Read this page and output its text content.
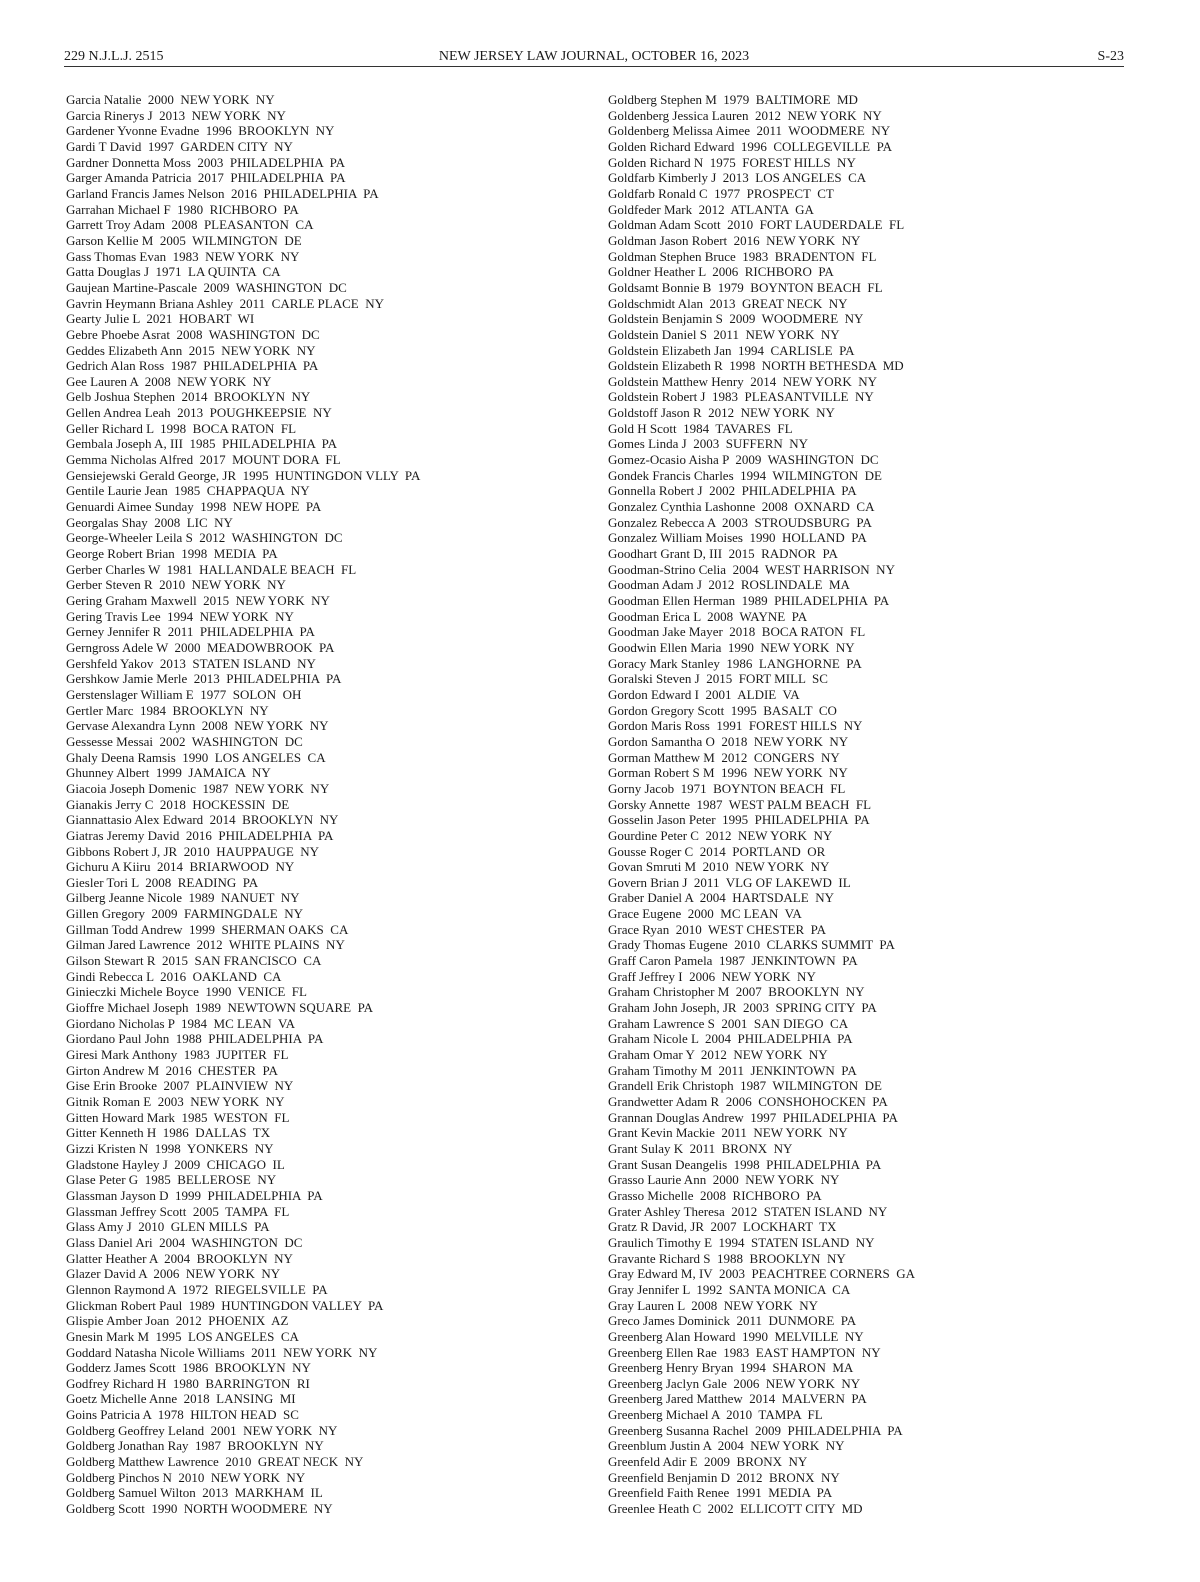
229 N.J.L.J. 2515	NEW JERSEY LAW JOURNAL, OCTOBER 16, 2023	S-23
Garcia Natalie  2000  NEW YORK  NY
Garcia Rinerys J  2013  NEW YORK  NY
Gardener Yvonne Evadne  1996  BROOKLYN  NY
Gardi T David  1997  GARDEN CITY  NY
Gardner Donnetta Moss  2003  PHILADELPHIA  PA
Garger Amanda Patricia  2017  PHILADELPHIA  PA
Garland Francis James Nelson  2016  PHILADELPHIA  PA
Garrahan Michael F  1980  RICHBORO  PA
Garrett Troy Adam  2008  PLEASANTON  CA
Garson Kellie M  2005  WILMINGTON  DE
Gass Thomas Evan  1983  NEW YORK  NY
Gatta Douglas J  1971  LA QUINTA  CA
Gaujean Martine-Pascale  2009  WASHINGTON  DC
Gavrin Heymann Briana Ashley  2011  CARLE PLACE  NY
Gearty Julie L  2021  HOBART  WI
Gebre Phoebe Asrat  2008  WASHINGTON  DC
Geddes Elizabeth Ann  2015  NEW YORK  NY
Gedrich Alan Ross  1987  PHILADELPHIA  PA
Gee Lauren A  2008  NEW YORK  NY
Gelb Joshua Stephen  2014  BROOKLYN  NY
Gellen Andrea Leah  2013  POUGHKEEPSIE  NY
Geller Richard L  1998  BOCA RATON  FL
Gembala Joseph A, III  1985  PHILADELPHIA  PA
Gemma Nicholas Alfred  2017  MOUNT DORA  FL
Gensiejewski Gerald George, JR  1995  HUNTINGDON VLLY  PA
Gentile Laurie Jean  1985  CHAPPAQUA  NY
Genuardi Aimee Sunday  1998  NEW HOPE  PA
Georgalas Shay  2008  LIC  NY
George-Wheeler Leila S  2012  WASHINGTON  DC
George Robert Brian  1998  MEDIA  PA
Gerber Charles W  1981  HALLANDALE BEACH  FL
Gerber Steven R  2010  NEW YORK  NY
Gering Graham Maxwell  2015  NEW YORK  NY
Gering Travis Lee  1994  NEW YORK  NY
Gerney Jennifer R  2011  PHILADELPHIA  PA
Gerngross Adele W  2000  MEADOWBROOK  PA
Gershfeld Yakov  2013  STATEN ISLAND  NY
Gershkow Jamie Merle  2013  PHILADELPHIA  PA
Gerstenslager William E  1977  SOLON  OH
Gertler Marc  1984  BROOKLYN  NY
Gervase Alexandra Lynn  2008  NEW YORK  NY
Gessesse Messai  2002  WASHINGTON  DC
Ghaly Deena Ramsis  1990  LOS ANGELES  CA
Ghunney Albert  1999  JAMAICA  NY
Giacoia Joseph Domenic  1987  NEW YORK  NY
Gianakis Jerry C  2018  HOCKESSIN  DE
Giannattasio Alex Edward  2014  BROOKLYN  NY
Giatras Jeremy David  2016  PHILADELPHIA  PA
Gibbons Robert J, JR  2010  HAUPPAUGE  NY
Gichuru A Kiiru  2014  BRIARWOOD  NY
Giesler Tori L  2008  READING  PA
Gilberg Jeanne Nicole  1989  NANUET  NY
Gillen Gregory  2009  FARMINGDALE  NY
Gillman Todd Andrew  1999  SHERMAN OAKS  CA
Gilman Jared Lawrence  2012  WHITE PLAINS  NY
Gilson Stewart R  2015  SAN FRANCISCO  CA
Gindi Rebecca L  2016  OAKLAND  CA
Ginieczki Michele Boyce  1990  VENICE  FL
Gioffre Michael Joseph  1989  NEWTOWN SQUARE  PA
Giordano Nicholas P  1984  MC LEAN  VA
Giordano Paul John  1988  PHILADELPHIA  PA
Giresi Mark Anthony  1983  JUPITER  FL
Girton Andrew M  2016  CHESTER  PA
Gise Erin Brooke  2007  PLAINVIEW  NY
Gitnik Roman E  2003  NEW YORK  NY
Gitten Howard Mark  1985  WESTON  FL
Gitter Kenneth H  1986  DALLAS  TX
Gizzi Kristen N  1998  YONKERS  NY
Gladstone Hayley J  2009  CHICAGO  IL
Glase Peter G  1985  BELLEROSE  NY
Glassman Jayson D  1999  PHILADELPHIA  PA
Glassman Jeffrey Scott  2005  TAMPA  FL
Glass Amy J  2010  GLEN MILLS  PA
Glass Daniel Ari  2004  WASHINGTON  DC
Glatter Heather A  2004  BROOKLYN  NY
Glazer David A  2006  NEW YORK  NY
Glennon Raymond A  1972  RIEGELSVILLE  PA
Glickman Robert Paul  1989  HUNTINGDON VALLEY  PA
Glispie Amber Joan  2012  PHOENIX  AZ
Gnesin Mark M  1995  LOS ANGELES  CA
Goddard Natasha Nicole Williams  2011  NEW YORK  NY
Godderz James Scott  1986  BROOKLYN  NY
Godfrey Richard H  1980  BARRINGTON  RI
Goetz Michelle Anne  2018  LANSING  MI
Goins Patricia A  1978  HILTON HEAD  SC
Goldberg Geoffrey Leland  2001  NEW YORK  NY
Goldberg Jonathan Ray  1987  BROOKLYN  NY
Goldberg Matthew Lawrence  2010  GREAT NECK  NY
Goldberg Pinchos N  2010  NEW YORK  NY
Goldberg Samuel Wilton  2013  MARKHAM  IL
Goldberg Scott  1990  NORTH WOODMERE  NY
Goldberg Stephen M  1979  BALTIMORE  MD
Goldenberg Jessica Lauren  2012  NEW YORK  NY
Goldenberg Melissa Aimee  2011  WOODMERE  NY
Golden Richard Edward  1996  COLLEGEVILLE  PA
Golden Richard N  1975  FOREST HILLS  NY
Goldfarb Kimberly J  2013  LOS ANGELES  CA
Goldfarb Ronald C  1977  PROSPECT  CT
Goldfeder Mark  2012  ATLANTA  GA
Goldman Adam Scott  2010  FORT LAUDERDALE  FL
Goldman Jason Robert  2016  NEW YORK  NY
Goldman Stephen Bruce  1983  BRADENTON  FL
Goldner Heather L  2006  RICHBORO  PA
Goldsamt Bonnie B  1979  BOYNTON BEACH  FL
Goldschmidt Alan  2013  GREAT NECK  NY
Goldstein Benjamin S  2009  WOODMERE  NY
Goldstein Daniel S  2011  NEW YORK  NY
Goldstein Elizabeth Jan  1994  CARLISLE  PA
Goldstein Elizabeth R  1998  NORTH BETHESDA  MD
Goldstein Matthew Henry  2014  NEW YORK  NY
Goldstein Robert J  1983  PLEASANTVILLE  NY
Goldstoff Jason R  2012  NEW YORK  NY
Gold H Scott  1984  TAVARES  FL
Gomes Linda J  2003  SUFFERN  NY
Gomez-Ocasio Aisha P  2009  WASHINGTON  DC
Gondek Francis Charles  1994  WILMINGTON  DE
Gonnella Robert J  2002  PHILADELPHIA  PA
Gonzalez Cynthia Lashonne  2008  OXNARD  CA
Gonzalez Rebecca A  2003  STROUDSBURG  PA
Gonzalez William Moises  1990  HOLLAND  PA
Goodhart Grant D, III  2015  RADNOR  PA
Goodman-Strino Celia  2004  WEST HARRISON  NY
Goodman Adam J  2012  ROSLINDALE  MA
Goodman Ellen Herman  1989  PHILADELPHIA  PA
Goodman Erica L  2008  WAYNE  PA
Goodman Jake Mayer  2018  BOCA RATON  FL
Goodwin Ellen Maria  1990  NEW YORK  NY
Goracy Mark Stanley  1986  LANGHORNE  PA
Goralski Steven J  2015  FORT MILL  SC
Gordon Edward I  2001  ALDIE  VA
Gordon Gregory Scott  1995  BASALT  CO
Gordon Maris Ross  1991  FOREST HILLS  NY
Gordon Samantha O  2018  NEW YORK  NY
Gorman Matthew M  2012  CONGERS  NY
Gorman Robert S M  1996  NEW YORK  NY
Gorny Jacob  1971  BOYNTON BEACH  FL
Gorsky Annette  1987  WEST PALM BEACH  FL
Gosselin Jason Peter  1995  PHILADELPHIA  PA
Gourdine Peter C  2012  NEW YORK  NY
Gousse Roger C  2014  PORTLAND  OR
Govan Smruti M  2010  NEW YORK  NY
Govern Brian J  2011  VLG OF LAKEWD  IL
Graber Daniel A  2004  HARTSDALE  NY
Grace Eugene  2000  MC LEAN  VA
Grace Ryan  2010  WEST CHESTER  PA
Grady Thomas Eugene  2010  CLARKS SUMMIT  PA
Graff Caron Pamela  1987  JENKINTOWN  PA
Graff Jeffrey I  2006  NEW YORK  NY
Graham Christopher M  2007  BROOKLYN  NY
Graham John Joseph, JR  2003  SPRING CITY  PA
Graham Lawrence S  2001  SAN DIEGO  CA
Graham Nicole L  2004  PHILADELPHIA  PA
Graham Omar Y  2012  NEW YORK  NY
Graham Timothy M  2011  JENKINTOWN  PA
Grandell Erik Christoph  1987  WILMINGTON  DE
Grandwetter Adam R  2006  CONSHOHOCKEN  PA
Grannan Douglas Andrew  1997  PHILADELPHIA  PA
Grant Kevin Mackie  2011  NEW YORK  NY
Grant Sulay K  2011  BRONX  NY
Grant Susan Deangelis  1998  PHILADELPHIA  PA
Grasso Laurie Ann  2000  NEW YORK  NY
Grasso Michelle  2008  RICHBORO  PA
Grater Ashley Theresa  2012  STATEN ISLAND  NY
Gratz R David, JR  2007  LOCKHART  TX
Graulich Timothy E  1994  STATEN ISLAND  NY
Gravante Richard S  1988  BROOKLYN  NY
Gray Edward M, IV  2003  PEACHTREE CORNERS  GA
Gray Jennifer L  1992  SANTA MONICA  CA
Gray Lauren L  2008  NEW YORK  NY
Greco James Dominick  2011  DUNMORE  PA
Greenberg Alan Howard  1990  MELVILLE  NY
Greenberg Ellen Rae  1983  EAST HAMPTON  NY
Greenberg Henry Bryan  1994  SHARON  MA
Greenberg Jaclyn Gale  2006  NEW YORK  NY
Greenberg Jared Matthew  2014  MALVERN  PA
Greenberg Michael A  2010  TAMPA  FL
Greenberg Susanna Rachel  2009  PHILADELPHIA  PA
Greenblum Justin A  2004  NEW YORK  NY
Greenfeld Adir E  2009  BRONX  NY
Greenfield Benjamin D  2012  BRONX  NY
Greenfield Faith Renee  1991  MEDIA  PA
Greenlee Heath C  2002  ELLICOTT CITY  MD
